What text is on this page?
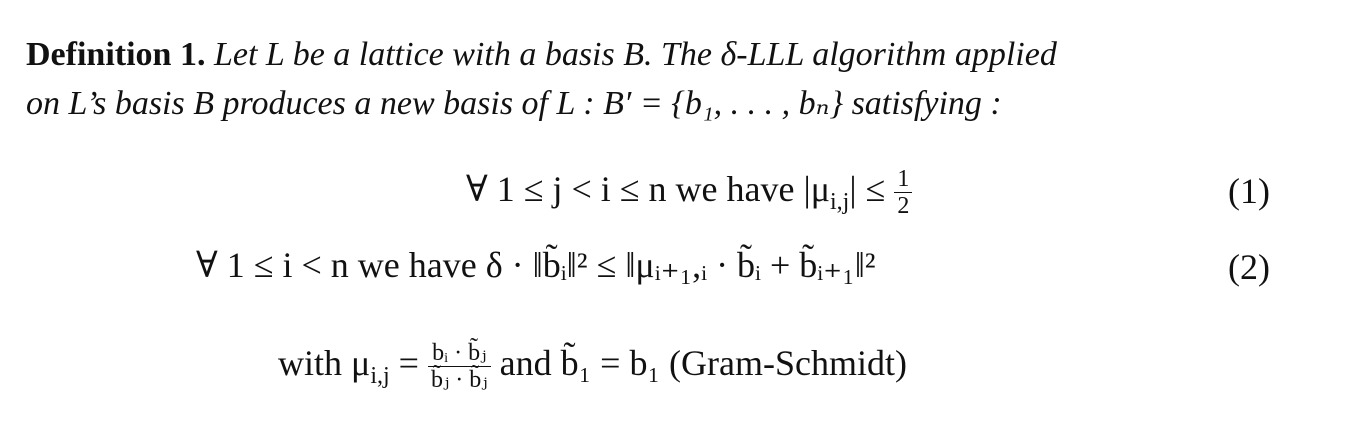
Definition 1. Let L be a lattice with a basis B. The δ-LLL algorithm applied
on L’s basis B produces a new basis of L : B′ = {b₁, . . . , bₙ} satisfying :
∀ 1 ≤ j < i ≤ n we have $|\mu_{i,j}| \le \frac{1}{2}$	(1)
∀ 1 ≤ i < n we have δ · ‖b̃ᵢ‖² ≤ ‖μᵢ₊₁,ᵢ · b̃ᵢ + b̃ᵢ₊₁‖²	(2)
with $\mu_{i,j} = \frac{\text{bᵢ · b̃ⱼ}}{\text{b̃ⱼ · b̃ⱼ}}$ and b̃₁ = b₁ (Gram-Schmidt)
